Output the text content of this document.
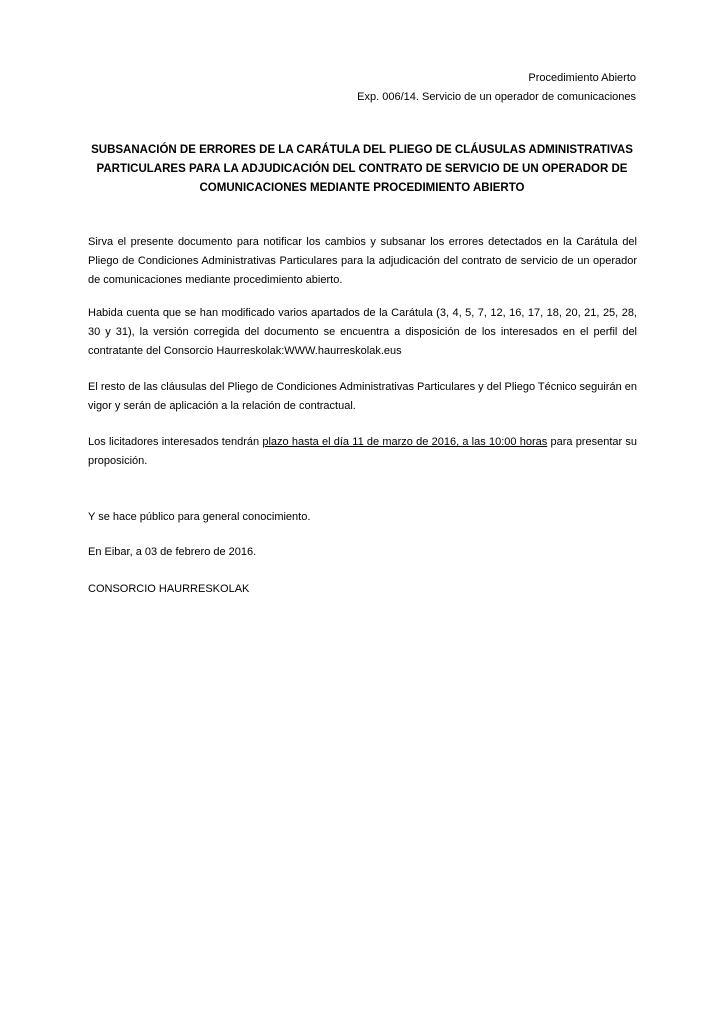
Procedimiento Abierto
Exp. 006/14. Servicio de un operador de comunicaciones
SUBSANACIÓN DE ERRORES DE LA CARÁTULA DEL PLIEGO DE CLÁUSULAS ADMINISTRATIVAS
PARTICULARES PARA LA ADJUDICACIÓN DEL CONTRATO DE SERVICIO DE UN OPERADOR DE
COMUNICACIONES MEDIANTE PROCEDIMIENTO ABIERTO

Sirva el presente documento para notificar los cambios y subsanar los errores detectados en la Carátula del Pliego de Condiciones Administrativas Particulares para la adjudicación del contrato de servicio de un operador de comunicaciones mediante procedimiento abierto.

Habida cuenta que se han modificado varios apartados de la Carátula (3, 4, 5, 7, 12, 16, 17, 18, 20, 21, 25, 28, 30 y 31), la versión corregida del documento se encuentra a disposición de los interesados en el perfil del contratante del Consorcio Haurreskolak:WWW.haurreskolak.eus

El resto de las cláusulas del Pliego de Condiciones Administrativas Particulares y del Pliego Técnico seguirán en vigor y serán de aplicación a la relación de contractual.

Los licitadores interesados tendrán plazo hasta el día 11 de marzo de 2016, a las 10:00 horas para presentar su proposición.

Y se hace público para general conocimiento.

En Eibar, a 03 de febrero de 2016.

CONSORCIO HAURRESKOLAK
